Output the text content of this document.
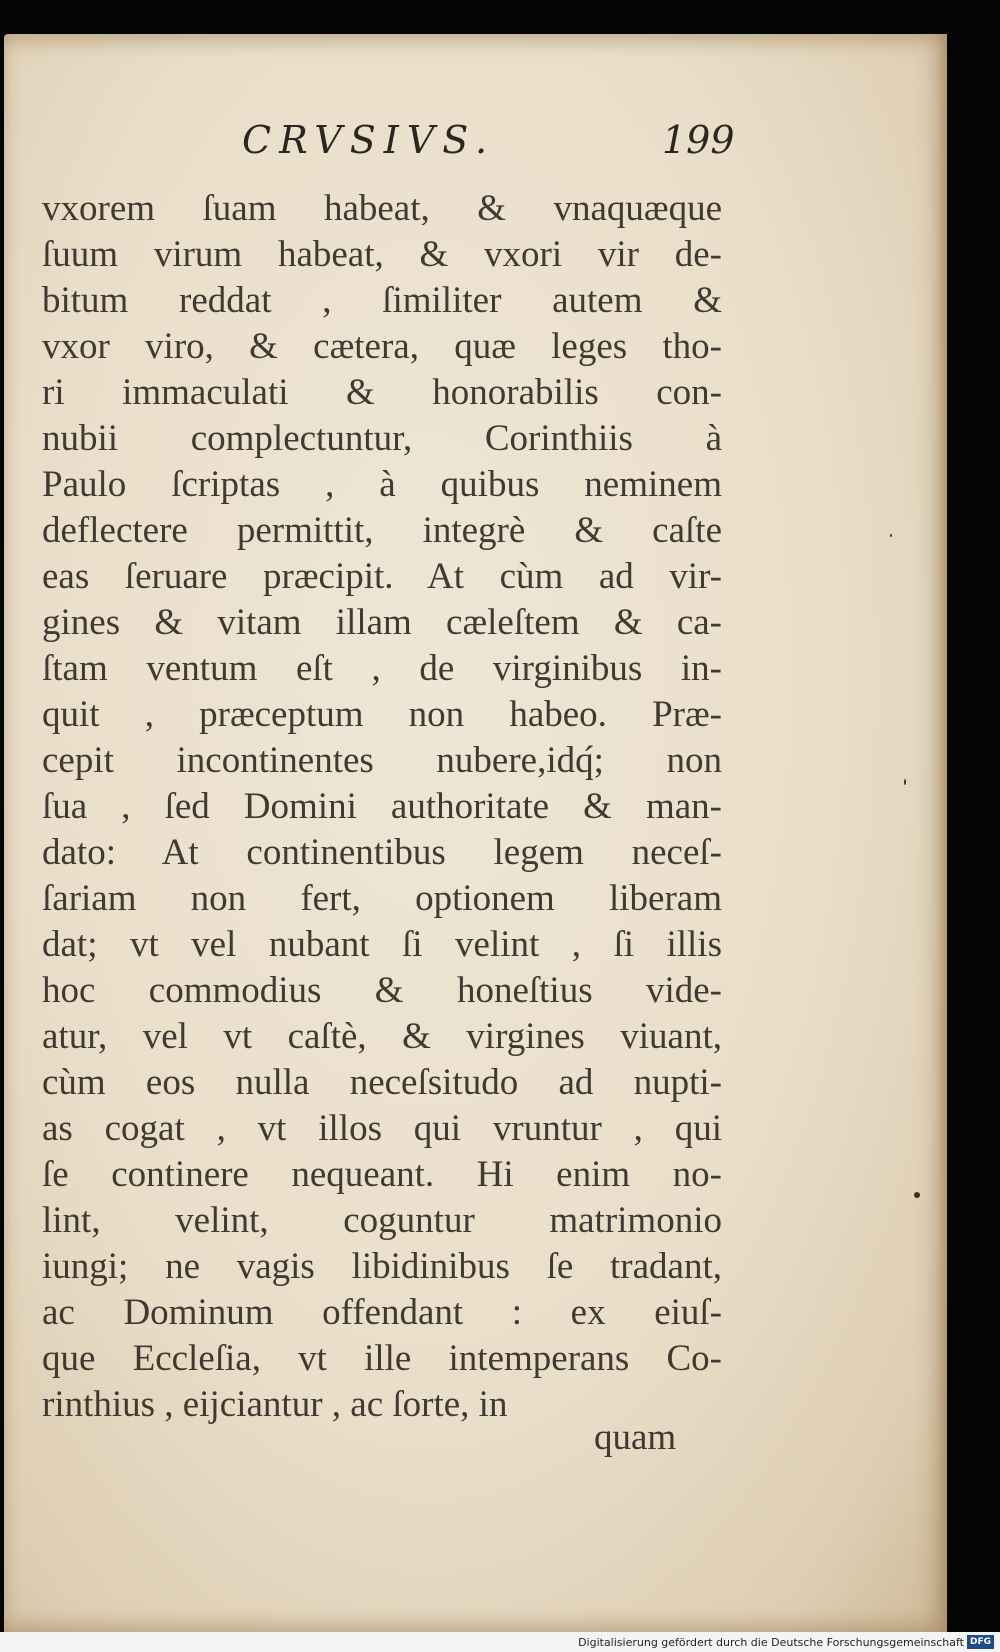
CRVSIVS.	199
vxorem ſuam habeat, & vnaquæque
ſuum virum habeat, & vxori vir de-
bitum reddat , ſimiliter autem &
vxor viro, & cætera, quæ leges tho-
ri immaculati & honorabilis con-
nubii complectuntur, Corinthiis à
Paulo ſcriptas , à quibus neminem
deflectere permittit, integrè & caſte
eas ſeruare præcipit. At cùm ad vir-
gines & vitam illam cæleſtem & ca-
ſtam ventum eſt , de virginibus in-
quit , præceptum non habeo. Præ-
cepit incontinentes nubere,idq́; non
ſua , ſed Domini authoritate & man-
dato: At continentibus legem neceſ-
ſariam non fert, optionem liberam
dat; vt vel nubant ſi velint , ſi illis
hoc commodius & honeſtius vide-
atur, vel vt caſtè, & virgines viuant,
cùm eos nulla neceſsitudo ad nupti-
as cogat , vt illos qui vruntur , qui
ſe continere nequeant. Hi enim no-
lint, velint, coguntur matrimonio
iungi; ne vagis libidinibus ſe tradant,
ac Dominum offendant : ex eiuſ-
que Eccleſia, vt ille intemperans Co-
rinthius , eijciantur , ac ſorte, in
quam
Digitalisierung gefördert durch die Deutsche Forschungsgemeinschaft DFG
